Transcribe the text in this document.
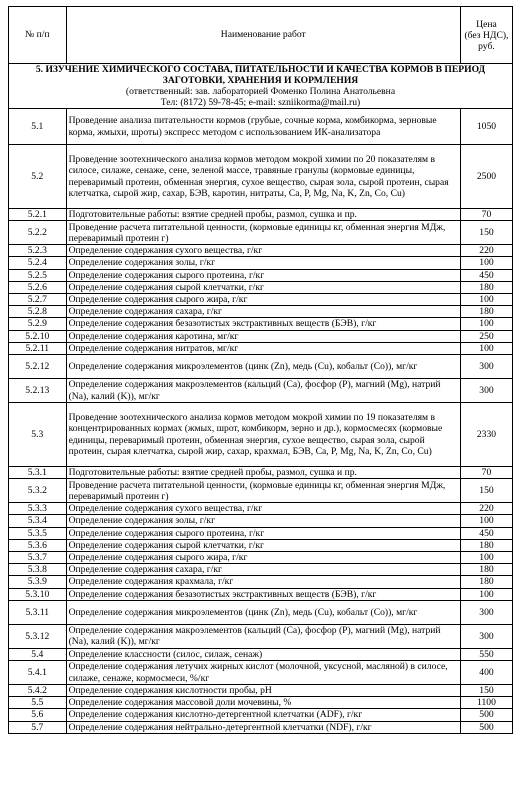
№ п/п	Наименование работ	Цена
(без НДС),
руб.

5. ИЗУЧЕНИЕ ХИМИЧЕСКОГО СОСТАВА, ПИТАТЕЛЬНОСТИ И КАЧЕСТВА КОРМОВ В ПЕРИОД ЗАГОТОВКИ, ХРАНЕНИЯ И КОРМЛЕНИЯ
(ответственный: зав. лабораторией Фоменко Полина Анатольевна
Тел: (8172) 59-78-45; e-mail: szniikorma@mail.ru)		

5.1	Проведение анализа питательности кормов (грубые, сочные корма, комбикорма, зерновые корма, жмыхи, шроты) экспресс методом с использованием ИК-анализатора	1050
5.2	Проведение зоотехнического анализа кормов методом мокрой химии по 20 показателям в силосе, силаже, сенаже, сене, зеленой массе, травяные гранулы (кормовые единицы, переваримый протеин, обменная энергия, сухое вещество, сырая зола, сырой протеин, сырая клетчатка, сырой жир, сахар, БЭВ, каротин, нитраты, Ca, P, Mg, Na, K, Zn, Co, Cu)	2500
5.2.1	Подготовительные работы: взятие средней пробы, размол, сушка и пр.	70
5.2.2	Проведение расчета питательной ценности, (кормовые единицы кг, обменная энергия МДж, переваримый протеин г)	150
5.2.3	Определение содержания сухого вещества, г/кг	220
5.2.4	Определение содержания золы, г/кг	100
5.2.5	Определение содержания сырого протеина, г/кг	450
5.2.6	Определение содержания сырой клетчатки, г/кг	180
5.2.7	Определение содержания сырого жира, г/кг	100
5.2.8	Определение содержания сахара, г/кг	180
5.2.9	Определение содержания безазотистых экстрактивных веществ (БЭВ), г/кг	100
5.2.10	Определение содержания каротина, мг/кг	250
5.2.11	Определение содержания нитратов, мг/кг	100
5.2.12	Определение содержания микроэлементов (цинк (Zn), медь (Cu), кобальт (Co)), мг/кг	300
5.2.13	Определение содержания макроэлементов (кальций (Ca), фосфор (P), магний (Mg), натрий (Na), калий (K)), мг/кг	300
5.3	Проведение зоотехнического анализа кормов методом мокрой химии по 19 показателям в концентрированных кормах (жмых, шрот, комбикорм, зерно и др.), кормосмесях (кормовые единицы, переваримый протеин, обменная энергия, сухое вещество, сырая зола, сырой протеин, сырая клетчатка, сырой жир, сахар, крахмал, БЭВ, Ca, P, Mg, Na, K, Zn, Co, Cu)	2330
5.3.1	Подготовительные работы: взятие средней пробы, размол, сушка и пр.	70
5.3.2	Проведение расчета питательной ценности, (кормовые единицы кг, обменная энергия МДж, переваримый протеин г)	150
5.3.3	Определение содержания сухого вещества, г/кг	220
5.3.4	Определение содержания золы, г/кг	100
5.3.5	Определение содержания сырого протеина, г/кг	450
5.3.6	Определение содержания сырой клетчатки, г/кг	180
5.3.7	Определение содержания сырого жира, г/кг	100
5.3.8	Определение содержания сахара, г/кг	180
5.3.9	Определение содержания крахмала, г/кг	180
5.3.10	Определение содержания безазотистых экстрактивных веществ (БЭВ), г/кг	100
5.3.11	Определение содержания микроэлементов (цинк (Zn), медь (Cu), кобальт (Co)), мг/кг	300
5.3.12	Определение содержания макроэлементов (кальций (Ca), фосфор (P), магний (Mg), натрий (Na), калий (K)), мг/кг	300
5.4	Определение классности (силос, силаж, сенаж)	550
5.4.1	Определение содержания летучих жирных кислот (молочной, уксусной, масляной) в силосе, силаже, сенаже, кормосмеси, %/кг	400
5.4.2	Определение содержания кислотности пробы, pH	150
5.5	Определение содержания массовой доли мочевины, %	1100
5.6	Определение содержания кислотно-детергентной клетчатки (ADF), г/кг	500
5.7	Определение содержания нейтрально-детергентной клетчатки (NDF), г/кг	500
